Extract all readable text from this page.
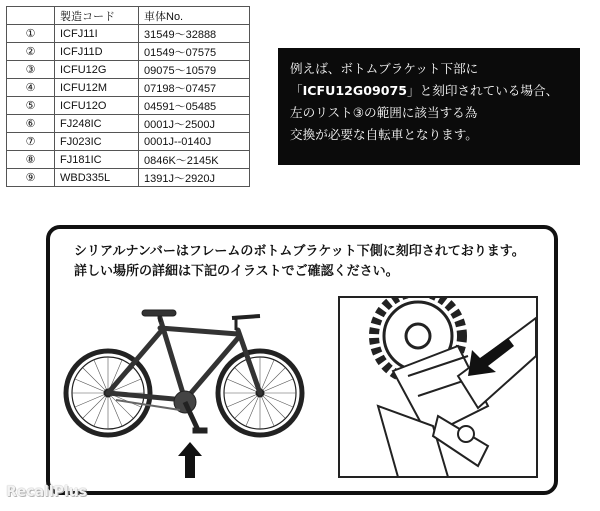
	製造コード	車体No.
①	ICFJ11I	31549～32888
②	ICFJ11D	01549～07575
③	ICFU12G	09075～10579
④	ICFU12M	07198～07457
⑤	ICFU12O	04591～05485
⑥	FJ248IC	0001J～2500J
⑦	FJ023IC	0001J--0140J
⑧	FJ181IC	0846K～2145K
⑨	WBD335L	1391J～2920J
例えば、ボトムブラケット下部に
「ICFU12G09075」と刻印されている場合、
左のリスト③の範囲に該当する為
交換が必要な自転車となります。
シリアルナンバーはフレームのボトムブラケット下側に刻印されております。
詳しい場所の詳細は下記のイラストでご確認ください。
RecallPlus
